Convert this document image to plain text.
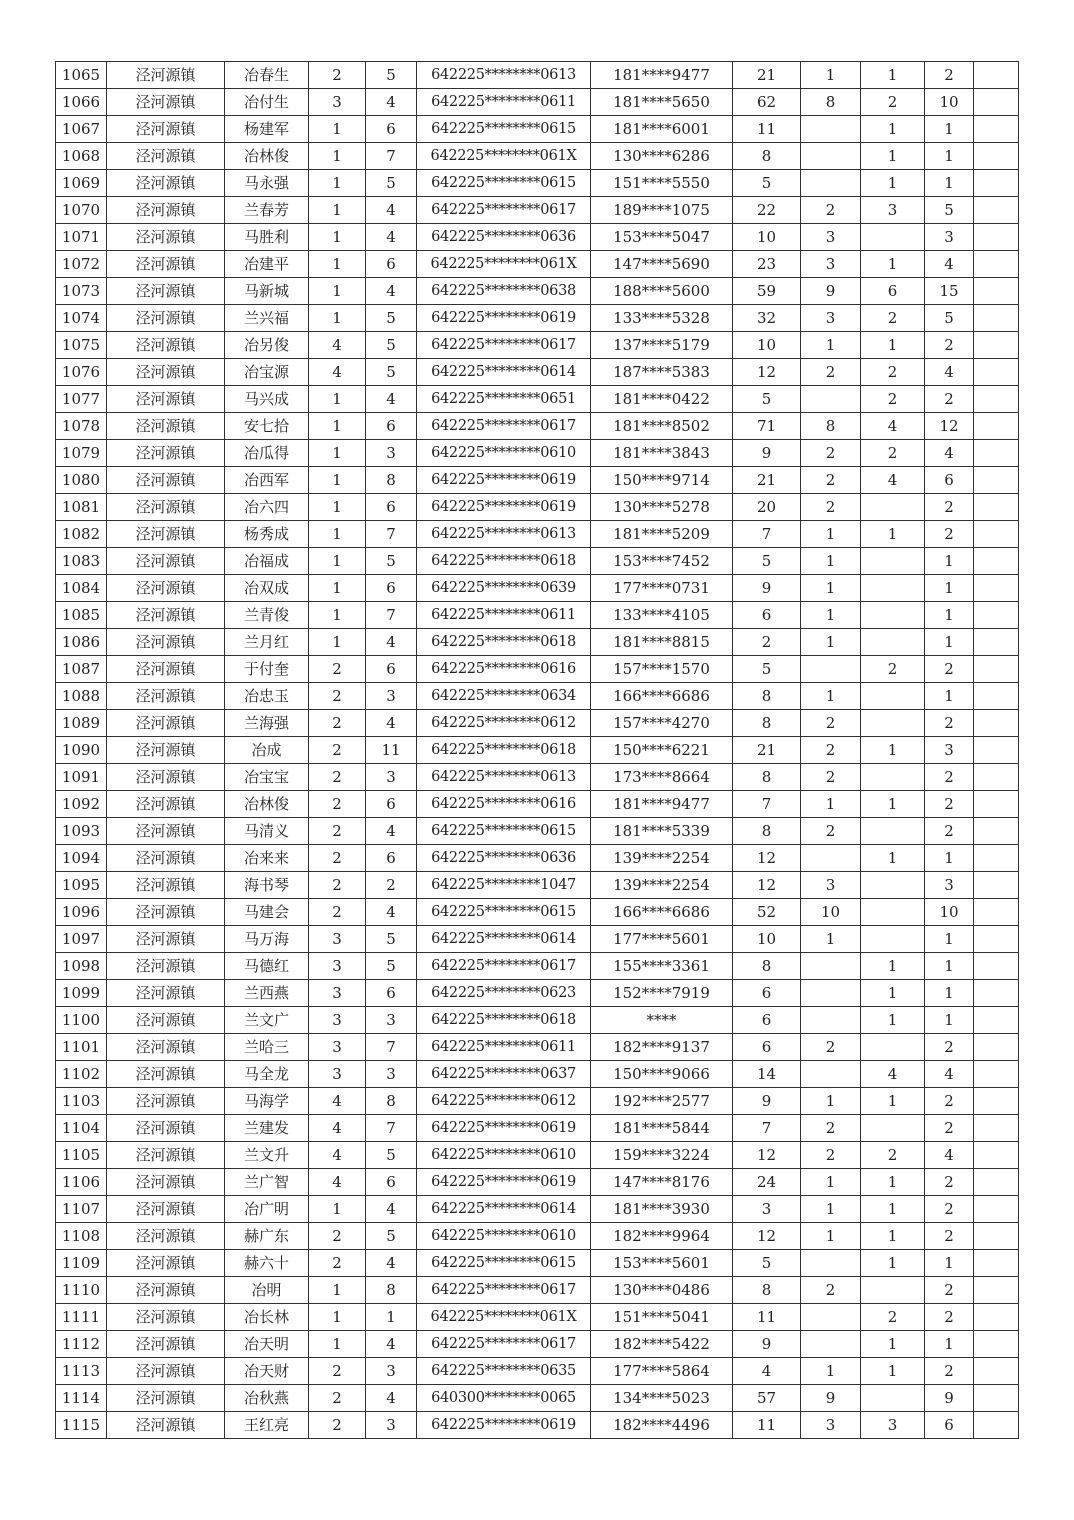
1065	泾河源镇	冶春生	2	5	642225********0613	181****9477	21	1	1	2	
1066	泾河源镇	冶付生	3	4	642225********0611	181****5650	62	8	2	10	
1067	泾河源镇	杨建军	1	6	642225********0615	181****6001	11		1	1	
1068	泾河源镇	冶林俊	1	7	642225********061X	130****6286	8		1	1	
1069	泾河源镇	马永强	1	5	642225********0615	151****5550	5		1	1	
1070	泾河源镇	兰春芳	1	4	642225********0617	189****1075	22	2	3	5	
1071	泾河源镇	马胜利	1	4	642225********0636	153****5047	10	3		3	
1072	泾河源镇	冶建平	1	6	642225********061X	147****5690	23	3	1	4	
1073	泾河源镇	马新城	1	4	642225********0638	188****5600	59	9	6	15	
1074	泾河源镇	兰兴福	1	5	642225********0619	133****5328	32	3	2	5	
1075	泾河源镇	冶另俊	4	5	642225********0617	137****5179	10	1	1	2	
1076	泾河源镇	冶宝源	4	5	642225********0614	187****5383	12	2	2	4	
1077	泾河源镇	马兴成	1	4	642225********0651	181****0422	5		2	2	
1078	泾河源镇	安七拾	1	6	642225********0617	181****8502	71	8	4	12	
1079	泾河源镇	冶瓜得	1	3	642225********0610	181****3843	9	2	2	4	
1080	泾河源镇	冶西军	1	8	642225********0619	150****9714	21	2	4	6	
1081	泾河源镇	冶六四	1	6	642225********0619	130****5278	20	2		2	
1082	泾河源镇	杨秀成	1	7	642225********0613	181****5209	7	1	1	2	
1083	泾河源镇	冶福成	1	5	642225********0618	153****7452	5	1		1	
1084	泾河源镇	冶双成	1	6	642225********0639	177****0731	9	1		1	
1085	泾河源镇	兰青俊	1	7	642225********0611	133****4105	6	1		1	
1086	泾河源镇	兰月红	1	4	642225********0618	181****8815	2	1		1	
1087	泾河源镇	于付奎	2	6	642225********0616	157****1570	5		2	2	
1088	泾河源镇	冶忠玉	2	3	642225********0634	166****6686	8	1		1	
1089	泾河源镇	兰海强	2	4	642225********0612	157****4270	8	2		2	
1090	泾河源镇	冶成	2	11	642225********0618	150****6221	21	2	1	3	
1091	泾河源镇	冶宝宝	2	3	642225********0613	173****8664	8	2		2	
1092	泾河源镇	冶林俊	2	6	642225********0616	181****9477	7	1	1	2	
1093	泾河源镇	马清义	2	4	642225********0615	181****5339	8	2		2	
1094	泾河源镇	冶来来	2	6	642225********0636	139****2254	12		1	1	
1095	泾河源镇	海书琴	2	2	642225********1047	139****2254	12	3		3	
1096	泾河源镇	马建会	2	4	642225********0615	166****6686	52	10		10	
1097	泾河源镇	马万海	3	5	642225********0614	177****5601	10	1		1	
1098	泾河源镇	马德红	3	5	642225********0617	155****3361	8		1	1	
1099	泾河源镇	兰西燕	3	6	642225********0623	152****7919	6		1	1	
1100	泾河源镇	兰文广	3	3	642225********0618	****	6		1	1	
1101	泾河源镇	兰哈三	3	7	642225********0611	182****9137	6	2		2	
1102	泾河源镇	马全龙	3	3	642225********0637	150****9066	14		4	4	
1103	泾河源镇	马海学	4	8	642225********0612	192****2577	9	1	1	2	
1104	泾河源镇	兰建发	4	7	642225********0619	181****5844	7	2		2	
1105	泾河源镇	兰文升	4	5	642225********0610	159****3224	12	2	2	4	
1106	泾河源镇	兰广智	4	6	642225********0619	147****8176	24	1	1	2	
1107	泾河源镇	冶广明	1	4	642225********0614	181****3930	3	1	1	2	
1108	泾河源镇	赫广东	2	5	642225********0610	182****9964	12	1	1	2	
1109	泾河源镇	赫六十	2	4	642225********0615	153****5601	5		1	1	
1110	泾河源镇	冶明	1	8	642225********0617	130****0486	8	2		2	
1111	泾河源镇	冶长林	1	1	642225********061X	151****5041	11		2	2	
1112	泾河源镇	冶天明	1	4	642225********0617	182****5422	9		1	1	
1113	泾河源镇	冶天财	2	3	642225********0635	177****5864	4	1	1	2	
1114	泾河源镇	冶秋燕	2	4	640300********0065	134****5023	57	9		9	
1115	泾河源镇	王红亮	2	3	642225********0619	182****4496	11	3	3	6	
